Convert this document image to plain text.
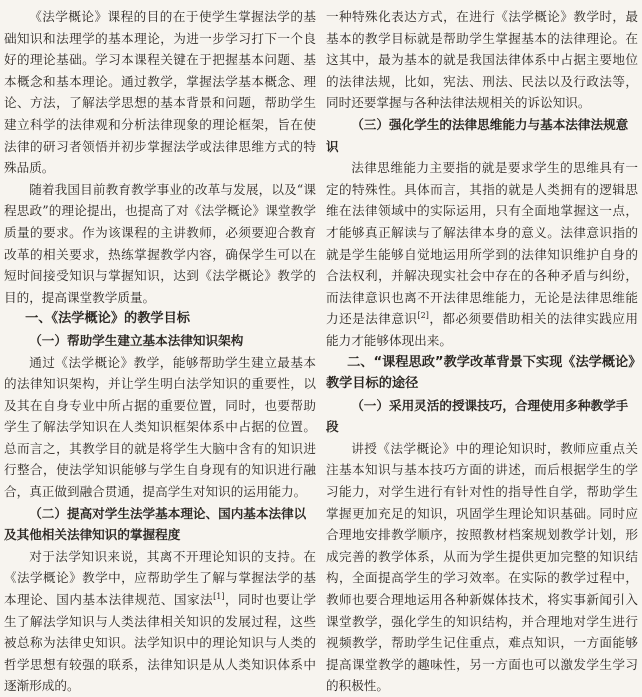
《法学概论》课程的目的在于使学生掌握法学的基础知识和法理学的基本理论，为进一步学习打下一个良好的理论基础。学习本课程关键在于把握基本问题、基本概念和基本理论。通过教学，掌握法学基本概念、理论、方法，了解法学思想的基本背景和问题，帮助学生建立科学的法律观和分析法律现象的理论框架，旨在使法律的研习者领悟并初步掌握法学或法律思维方式的特殊品质。

随着我国目前教育教学事业的改革与发展，以及“课程思政”的理论提出，也提高了对《法学概论》课堂教学质量的要求。作为该课程的主讲教师，必须要迎合教育改革的相关要求，热练掌握教学内容，确保学生可以在短时间接受知识与掌握知识，达到《法学概论》教学的目的，提高课堂教学质量。

一、《法学概论》的教学目标
（一）帮助学生建立基本法律知识架构

通过《法学概论》教学，能够帮助学生建立最基本的法律知识架构，并让学生明白法学知识的重要性，以及其在自身专业中所占据的重要位置，同时，也要帮助学生了解法学知识在人类知识框架体系中占据的位置。总而言之，其教学目的就是将学生大脑中含有的知识进行整合，使法学知识能够与学生自身现有的知识进行融合，真正做到融合贯通，提高学生对知识的运用能力。

（二）提高对学生法学基本理论、国内基本法律以及其他相关法律知识的掌握程度

对于法学知识来说，其离不开理论知识的支持。在《法学概论》教学中，应帮助学生了解与掌握法学的基本理论、国内基本法律规范、国家法[1]，同时也要让学生了解法学知识与人类法律相关知识的发展过程，这些被总称为法律史知识。法学知识中的理论知识与人类的哲学思想有较强的联系，法律知识是从人类知识体系中逐渐形成的。

一种特殊化表达方式，在进行《法学概论》教学时，最基本的教学目标就是帮助学生掌握基本的法律理论。在这其中，最为基本的就是我国法律体系中占据主要地位的法律法规，比如，宪法、刑法、民法以及行政法等，同时还要掌握与各种法律法规相关的诉讼知识。

（三）强化学生的法律思维能力与基本法律法规意识

法律思维能力主要指的就是要求学生的思维具有一定的特殊性。具体而言，其指的就是人类拥有的逻辑思维在法律领域中的实际运用，只有全面地掌握这一点，才能够真正解读与了解法律本身的意义。法律意识指的就是学生能够自觉地运用所学到的法律知识维护自身的合法权利，并解决现实社会中存在的各种矛盾与纠纷，而法律意识也离不开法律思维能力，无论是法律思维能力还是法律意识[2]，都必须要借助相关的法律实践应用能力才能够体现出来。

二、“课程思政”教学改革背景下实现《法学概论》教学目标的途径
（一）采用灵活的授课技巧，合理使用多种教学手段

讲授《法学概论》中的理论知识时，教师应重点关注基本知识与基本技巧方面的讲述，而后根据学生的学习能力，对学生进行有针对性的指导性自学，帮助学生掌握更加充足的知识，巩固学生理论知识基础。同时应合理地安排教学顺序，按照教材档案规划教学计划，形成完善的教学体系，从而为学生提供更加完整的知识结构，全面提高学生的学习效率。在实际的教学过程中，教师也要合理地运用各种新媒体技术，将实事新闻引入课堂教学，强化学生的知识结构，并合理地对学生进行视频教学，帮助学生记住重点，难点知识，一方面能够提高课堂教学的趣味性，另一方面也可以激发学生学习的积极性。
